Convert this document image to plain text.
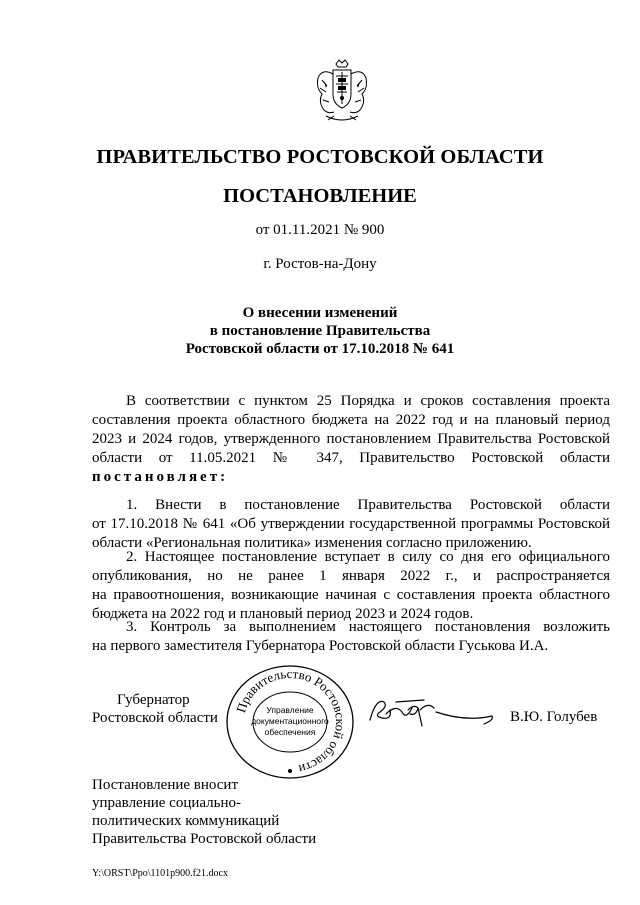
ПРАВИТЕЛЬСТВО РОСТОВСКОЙ ОБЛАСТИ

ПОСТАНОВЛЕНИЕ

от 01.11.2021 № 900

г. Ростов-на-Дону

О внесении изменений
в постановление Правительства
Ростовской области от 17.10.2018 № 641
В соответствии с пунктом 25 Порядка и сроков составления проекта
составления проекта областного бюджета на 2022 год и на плановый период
2023 и 2024 годов, утвержденного постановлением Правительства Ростовской
области от 11.05.2021 № 347, Правительство Ростовской области
постановляет:
1. Внести в постановление Правительства Ростовской области
от 17.10.2018 № 641 «Об утверждении государственной программы Ростовской
области «Региональная политика» изменения согласно приложению.
2. Настоящее постановление вступает в силу со дня его официального
опубликования, но не ранее 1 января 2022 г., и распространяется
на правоотношения, возникающие начиная с составления проекта областного
бюджета на 2022 год и плановый период 2023 и 2024 годов.
3. Контроль за выполнением настоящего постановления возложить
на первого заместителя Губернатора Ростовской области Гуськова И.А.
Губернатор
Ростовской области
Правительство Ростовской области
Управление
документационного
обеспечения

В.Ю. Голубев

Постановление вносит
управление социально-
политических коммуникаций
Правительства Ростовской области

Y:\ORST\Ppo\1101p900.f21.docx
